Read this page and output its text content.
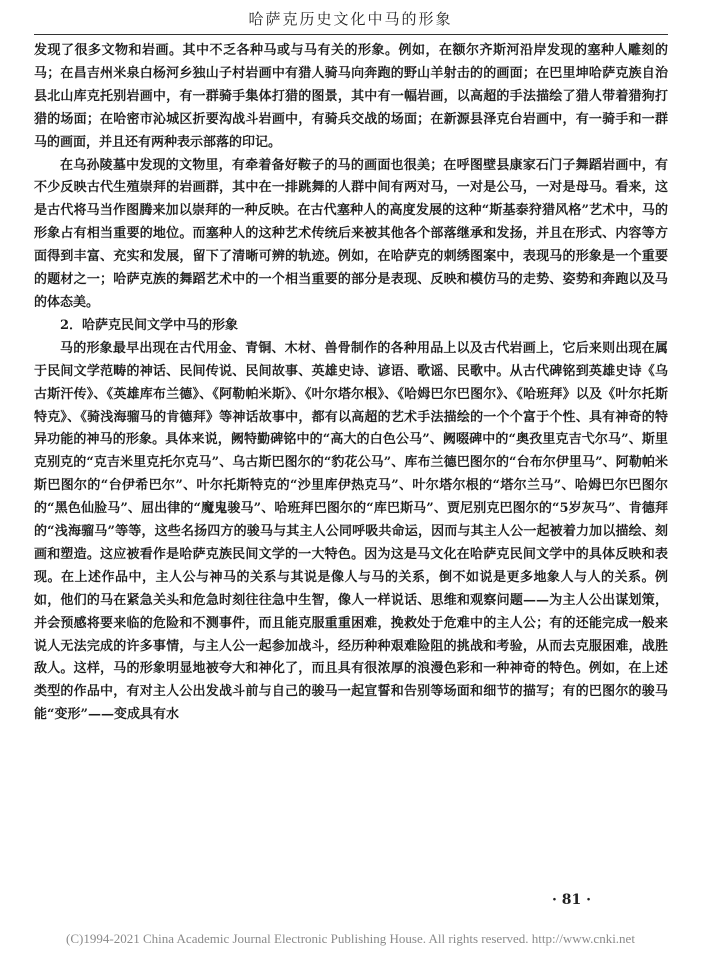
哈萨克历史文化中马的形象

发现了很多文物和岩画。其中不乏各种马或与马有关的形象。例如，在额尔齐斯河沿岸发现的塞种人雕刻的马；在昌吉州米泉白杨河乡独山子村岩画中有猎人骑马向奔跑的野山羊射击的的画面；在巴里坤哈萨克族自治县北山库克托别岩画中，有一群骑手集体打猎的图景，其中有一幅岩画，以高超的手法描绘了猎人带着猎狗打猎的场面；在哈密市沁城区折要沟战斗岩画中，有骑兵交战的场面；在新源县泽克台岩画中，有一骑手和一群马的画面，并且还有两种表示部落的印记。

在乌孙陵墓中发现的文物里，有牵着备好鞍子的马的画面也很美；在呼图壁县康家石门子舞蹈岩画中，有不少反映古代生殖崇拜的岩画群，其中在一排跳舞的人群中间有两对马，一对是公马，一对是母马。看来，这是古代将马当作图腾来加以崇拜的一种反映。在古代塞种人的高度发展的这种“斯基泰狩猎风格”艺术中，马的形象占有相当重要的地位。而塞种人的这种艺术传统后来被其他各个部落继承和发扬，并且在形式、内容等方面得到丰富、充实和发展，留下了清晰可辨的轨迹。例如，在哈萨克的刺绣图案中，表现马的形象是一个重要的题材之一；哈萨克族的舞蹈艺术中的一个相当重要的部分是表现、反映和模仿马的走势、姿势和奔跑以及马的体态美。

2．哈萨克民间文学中马的形象

马的形象最早出现在古代用金、青铜、木材、兽骨制作的各种用品上以及古代岩画上，它后来则出现在属于民间文学范畴的神话、民间传说、民间故事、英雄史诗、谚语、歌谣、民歌中。从古代碑铭到英雄史诗《乌古斯汗传》、《英雄库布兰德》、《阿勒帕米斯》、《叶尔塔尔根》、《哈姆巴尔巴图尔》、《哈班拜》以及《叶尔托斯特克》、《骑浅海骝马的肯德拜》等神话故事中，都有以高超的艺术手法描绘的一个个富于个性、具有神奇的特异功能的神马的形象。具体来说，阙特勤碑铭中的“高大的白色公马”、阙啜碑中的“奥孜里克吉弋尔马”、斯里克别克的“克吉米里克托尔克马”、乌古斯巴图尔的“豹花公马”、库布兰德巴图尔的“台布尔伊里马”、阿勒帕米斯巴图尔的“台伊希巴尔”、叶尔托斯特克的“沙里库伊热克马”、叶尔塔尔根的“塔尔兰马”、哈姆巴尔巴图尔的“黑色仙脸马”、屈出律的“魔鬼骏马”、哈班拜巴图尔的“库巴斯马”、贾尼别克巴图尔的“5岁灰马”、肯德拜的“浅海骝马”等等，这些名扬四方的骏马与其主人公同呼吸共命运，因而与其主人公一起被着力加以描绘、刻画和塑造。这应被看作是哈萨克族民间文学的一大特色。因为这是马文化在哈萨克民间文学中的具体反映和表现。在上述作品中，主人公与神马的关系与其说是像人与马的关系，倒不如说是更多地象人与人的关系。例如，他们的马在紧急关头和危急时刻往往急中生智，像人一样说话、思维和观察问题——为主人公出谋划策，并会预感将要来临的危险和不测事件，而且能克服重重困难，挽救处于危难中的主人公；有的还能完成一般来说人无法完成的许多事情，与主人公一起参加战斗，经历种种艰难险阻的挑战和考验，从而去克服困难，战胜敌人。这样，马的形象明显地被夸大和神化了，而且具有很浓厚的浪漫色彩和一种神奇的特色。例如，在上述类型的作品中，有对主人公出发战斗前与自己的骏马一起宣誓和告别等场面和细节的描写；有的巴图尔的骏马能“变形”——变成具有水

· 81 ·
(C)1994-2021 China Academic Journal Electronic Publishing House. All rights reserved. http://www.cnki.net
